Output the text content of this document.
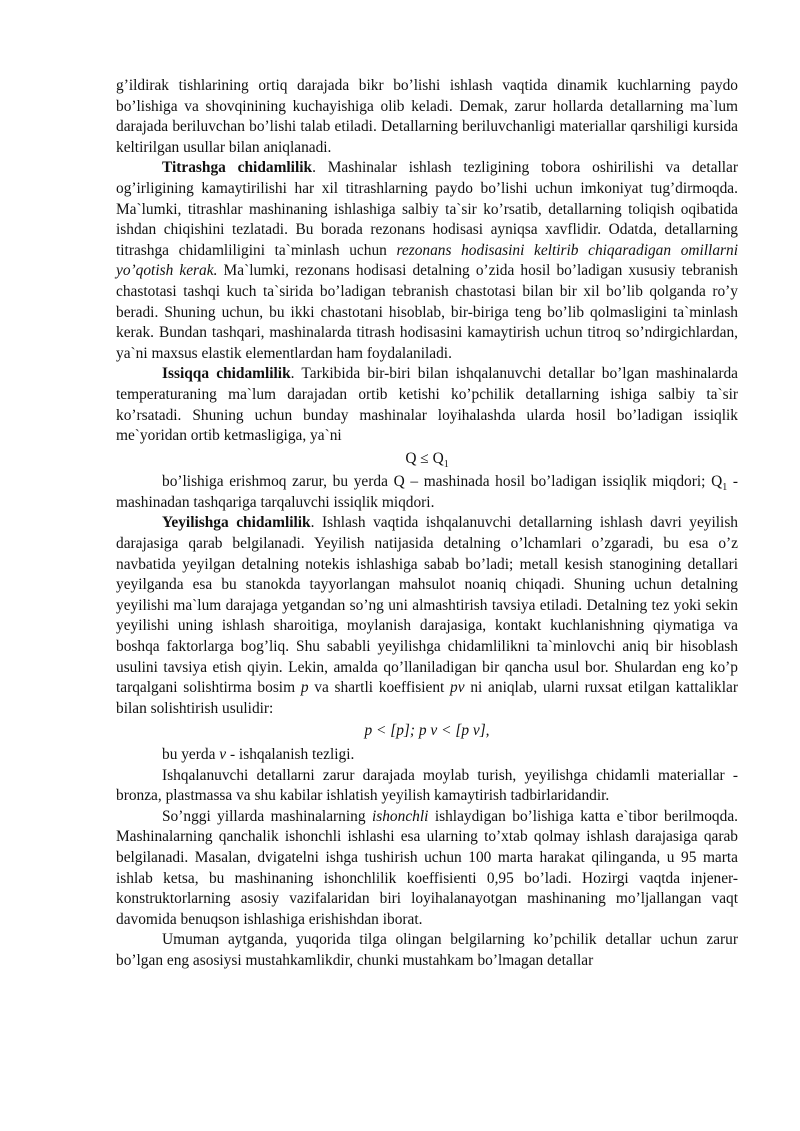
g’ildirak tishlarining ortiq darajada bikr bo’lishi ishlash vaqtida dinamik kuchlarning paydo bo’lishiga va shovqinining kuchayishiga olib keladi. Demak, zarur hollarda detallarning ma`lum darajada beriluvchan bo’lishi talab etiladi. Detallarning beriluvchanligi materiallar qarshiligi kursida keltirilgan usullar bilan aniqlanadi.

Titrashga chidamlilik. Mashinalar ishlash tezligining tobora oshirilishi va detallar og’irligining kamaytirilishi har xil titrashlarning paydo bo’lishi uchun imkoniyat tug’dirmoqda. Ma`lumki, titrashlar mashinaning ishlashiga salbiy ta`sir ko’rsatib, detallarning toliqish oqibatida ishdan chiqishini tezlatadi. Bu borada rezonans hodisasi ayniqsa xavflidir. Odatda, detallarning titrashga chidamliligini ta`minlash uchun rezonans hodisasini keltirib chiqaradigan omillarni yo’qotish kerak. Ma`lumki, rezonans hodisasi detalning o’zida hosil bo’ladigan xususiy tebranish chastotasi tashqi kuch ta`sirida bo’ladigan tebranish chastotasi bilan bir xil bo’lib qolganda ro’y beradi. Shuning uchun, bu ikki chastotani hisoblab, bir-biriga teng bo’lib qolmasligini ta`minlash kerak. Bundan tashqari, mashinalarda titrash hodisasini kamaytirish uchun titroq so’ndirgichlardan, ya`ni maxsus elastik elementlardan ham foydalaniladi.

Issiqqa chidamlilik. Tarkibida bir-biri bilan ishqalanuvchi detallar bo’lgan mashinalarda temperaturaning ma`lum darajadan ortib ketishi ko’pchilik detallarning ishiga salbiy ta`sir ko’rsatadi. Shuning uchun bunday mashinalar loyihalashda ularda hosil bo’ladigan issiqlik me`yoridan ortib ketmasligiga, ya`ni

$Q \le Q_1$

bo’lishiga erishmoq zarur, bu yerda Q – mashinada hosil bo’ladigan issiqlik miqdori; $Q_1$ - mashinadan tashqariga tarqaluvchi issiqlik miqdori.

Yeyilishga chidamlilik. Ishlash vaqtida ishqalanuvchi detallarning ishlash davri yeyilish darajasiga qarab belgilanadi. Yeyilish natijasida detalning o’lchamlari o’zgaradi, bu esa o’z navbatida yeyilgan detalning notekis ishlashiga sabab bo’ladi; metall kesish stanogining detallari yeyilganda esa bu stanokda tayyorlangan mahsulot noaniq chiqadi. Shuning uchun detalning yeyilishi ma`lum darajaga yetgandan so’ng uni almashtirish tavsiya etiladi. Detalning tez yoki sekin yeyilishi uning ishlash sharoitiga, moylanish darajasiga, kontakt kuchlanishning qiymatiga va boshqa faktorlarga bog’liq. Shu sababli yeyilishga chidamlilikni ta`minlovchi aniq bir hisoblash usulini tavsiya etish qiyin. Lekin, amalda qo’llaniladigan bir qancha usul bor. Shulardan eng ko’p tarqalgani solishtirma bosim p va shartli koeffisient pv ni aniqlab, ularni ruxsat etilgan kattaliklar bilan solishtirish usulidir:

p < [p]; p v < [p v],

bu yerda v - ishqalanish tezligi.

Ishqalanuvchi detallarni zarur darajada moylab turish, yeyilishga chidamli materiallar - bronza, plastmassa va shu kabilar ishlatish yeyilish kamaytirish tadbirlaridandir.

So’nggi yillarda mashinalarning ishonchli ishlaydigan bo’lishiga katta e`tibor berilmoqda. Mashinalarning qanchalik ishonchli ishlashi esa ularning to’xtab qolmay ishlash darajasiga qarab belgilanadi. Masalan, dvigatelni ishga tushirish uchun 100 marta harakat qilinganda, u 95 marta ishlab ketsa, bu mashinaning ishonchlilik koeffisienti 0,95 bo’ladi. Hozirgi vaqtda injener-konstruktorlarning asosiy vazifalaridan biri loyihalanayotgan mashinaning mo’ljallangan vaqt davomida benuqson ishlashiga erishishdan iborat.

Umuman aytganda, yuqorida tilga olingan belgilarning ko’pchilik detallar uchun zarur bo’lgan eng asosiysi mustahkamlikdir, chunki mustahkam bo’lmagan detallar
